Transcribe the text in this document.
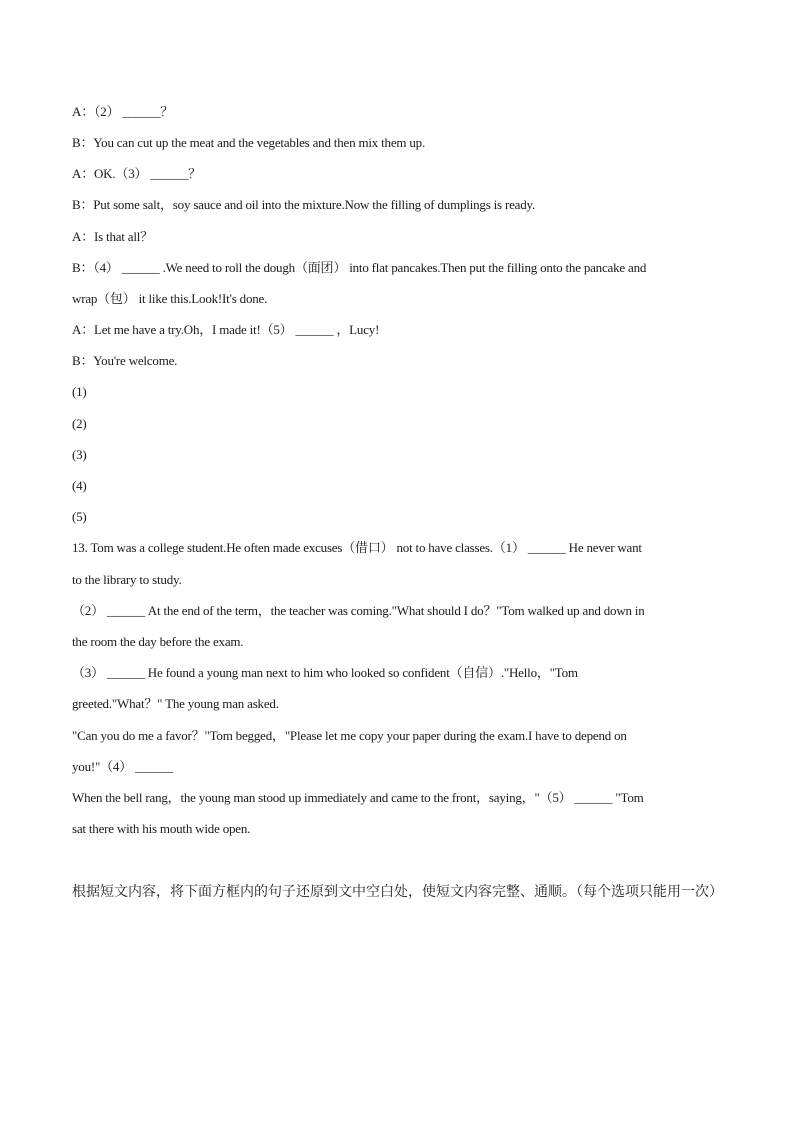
A：（2） ______？
B：You can cut up the meat and the vegetables and then mix them up.
A：OK.（3） ______？
B：Put some salt，soy sauce and oil into the mixture.Now the filling of dumplings is ready.
A：Is that all？
B：（4） ______ .We need to roll the dough（面团） into flat pancakes.Then put the filling onto the pancake and
wrap（包） it like this.Look!It's done.
A：Let me have a try.Oh，I made it!（5） ______ ，Lucy!
B：You're welcome.
(1)
(2)
(3)
(4)
(5)
13. Tom was a college student.He often made excuses（借口） not to have classes.（1） ______ He never want
to the library to study.
（2） ______ At the end of the term，the teacher was coming."What should I do？"Tom walked up and down in
the room the day before the exam.
（3） ______ He found a young man next to him who looked so confident（自信）."Hello，"Tom
greeted."What？" The young man asked.
"Can you do me a favor？"Tom begged，"Please let me copy your paper during the exam.I have to depend on
you!"（4） ______
When the bell rang，the young man stood up immediately and came to the front，saying，"（5） ______ "Tom
sat there with his mouth wide open.
根据短文内容，将下面方框内的句子还原到文中空白处，使短文内容完整、通顺。（每个选项只能用一次）
